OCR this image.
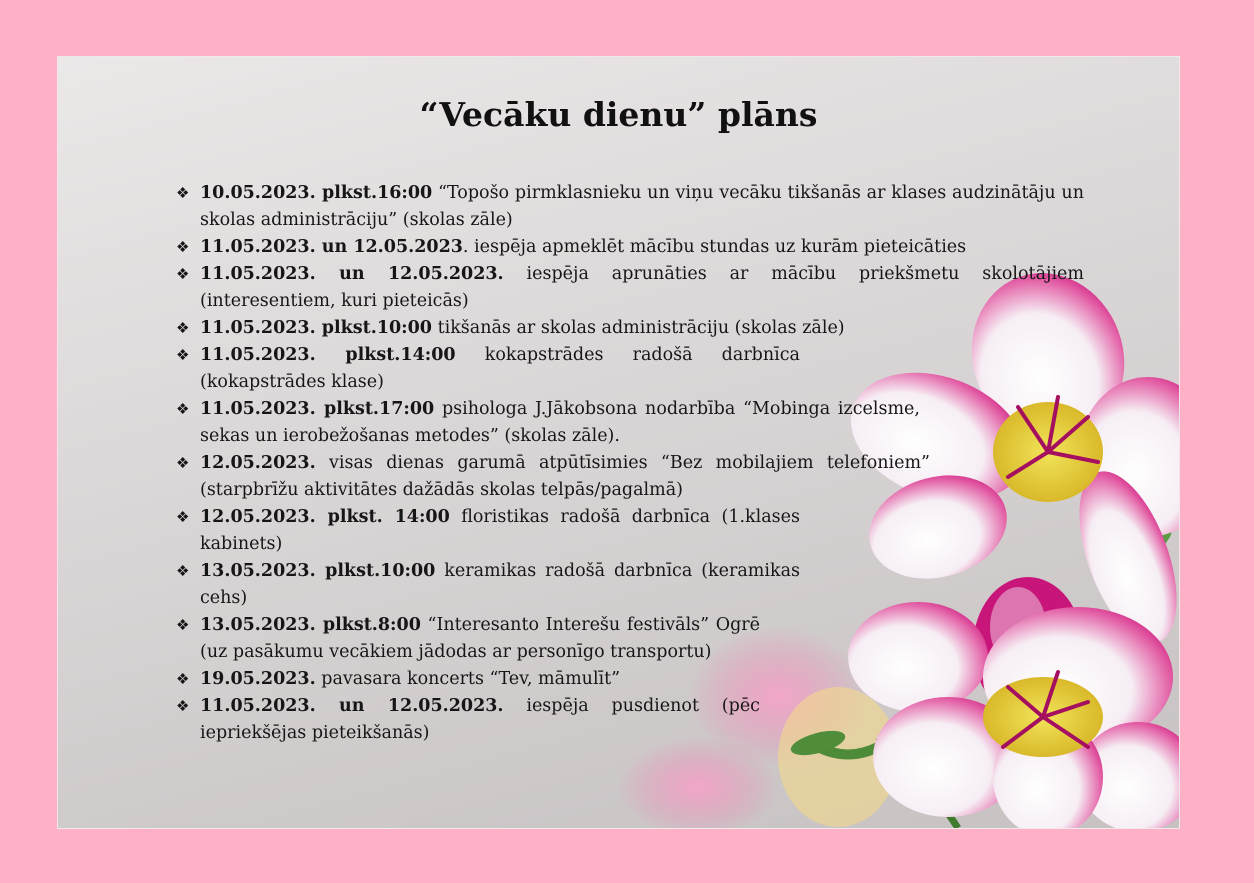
“Vecāku dienu” plāns
❖ 10.05.2023. plkst.16:00 “Topošo pirmklasnieku un viņu vecāku tikšanās ar klases audzinātāju un skolas administrāciju” (skolas zāle)
❖ 11.05.2023. un 12.05.2023. iespēja apmeklēt mācību stundas uz kurām pieteicāties
❖ 11.05.2023. un 12.05.2023. iespēja aprunāties ar mācību priekšmetu skolotājiem (interesentiem, kuri pieteicās)
❖ 11.05.2023. plkst.10:00 tikšanās ar skolas administrāciju (skolas zāle)
❖ 11.05.2023. plkst.14:00 kokapstrādes radošā darbnīca (kokapstrādes klase)
❖ 11.05.2023. plkst.17:00 psihologa J.Jākobsona nodarbība “Mobinga izcelsme, sekas un ierobežošanas metodes” (skolas zāle).
❖ 12.05.2023. visas dienas garumā atpūtīsimies “Bez mobilajiem telefoniem” (starpbrīžu aktivitātes dažādās skolas telpās/pagalmā)
❖ 12.05.2023. plkst. 14:00 floristikas radošā darbnīca (1.klases kabinets)
❖ 13.05.2023. plkst.10:00 keramikas radošā darbnīca (keramikas cehs)
❖ 13.05.2023. plkst.8:00 “Interesanto Interešu festivāls” Ogrē (uz pasākumu vecākiem jādodas ar personīgo transportu)
❖ 19.05.2023. pavasara koncerts “Tev, māmulīt”
❖ 11.05.2023. un 12.05.2023. iespēja pusdienot (pēc iepriekšējas pieteikšanās)
